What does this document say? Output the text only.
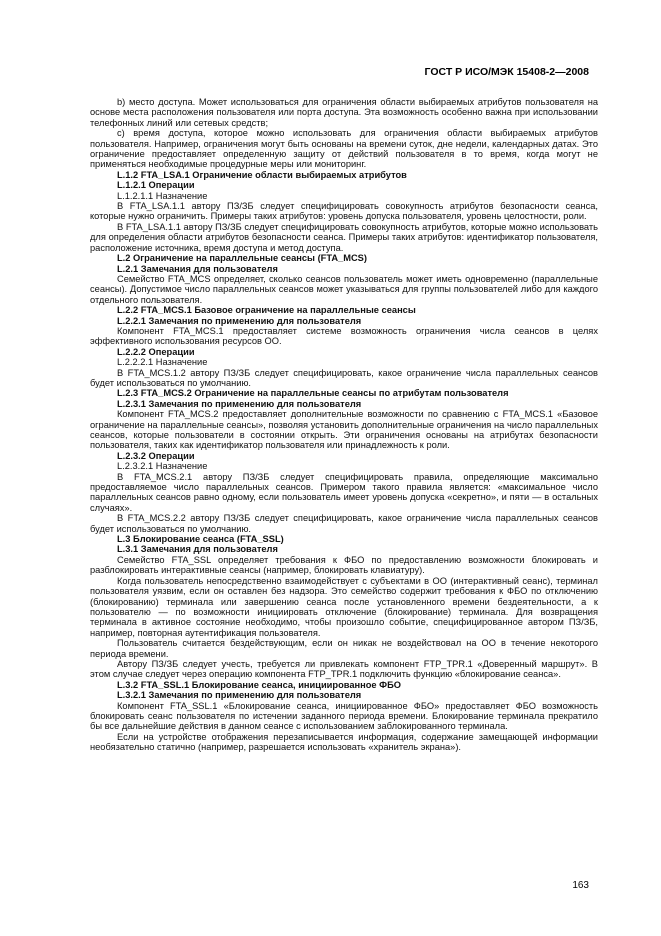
ГОСТ Р ИСО/МЭК 15408-2—2008

b) место доступа. Может использоваться для ограничения области выбираемых атрибутов пользователя на основе места расположения пользователя или порта доступа. Эта возможность особенно важна при использовании телефонных линий или сетевых средств;

c) время доступа, которое можно использовать для ограничения области выбираемых атрибутов пользователя. Например, ограничения могут быть основаны на времени суток, дне недели, календарных датах. Это ограничение предоставляет определенную защиту от действий пользователя в то время, когда могут не применяться необходимые процедурные меры или мониторинг.

L.1.2 FTA_LSA.1 Ограничение области выбираемых атрибутов

L.1.2.1 Операции

L.1.2.1.1 Назначение

В FTA_LSA.1.1 автору ПЗ/ЗБ следует специфицировать совокупность атрибутов безопасности сеанса, которые нужно ограничить. Примеры таких атрибутов: уровень допуска пользователя, уровень целостности, роли.

В FTA_LSA.1.1 автору ПЗ/ЗБ следует специфицировать совокупность атрибутов, которые можно использовать для определения области атрибутов безопасности сеанса. Примеры таких атрибутов: идентификатор пользователя, расположение источника, время доступа и метод доступа.

L.2 Ограничение на параллельные сеансы (FTA_MCS)

L.2.1 Замечания для пользователя

Семейство FTA_MCS определяет, сколько сеансов пользователь может иметь одновременно (параллельные сеансы). Допустимое число параллельных сеансов может указываться для группы пользователей либо для каждого отдельного пользователя.

L.2.2 FTA_MCS.1 Базовое ограничение на параллельные сеансы

L.2.2.1 Замечания по применению для пользователя

Компонент FTA_MCS.1 предоставляет системе возможность ограничения числа сеансов в целях эффективного использования ресурсов ОО.

L.2.2.2 Операции

L.2.2.2.1 Назначение

В FTA_MCS.1.2 автору ПЗ/ЗБ следует специфицировать, какое ограничение числа параллельных сеансов будет использоваться по умолчанию.

L.2.3 FTA_MCS.2 Ограничение на параллельные сеансы по атрибутам пользователя

L.2.3.1 Замечания по применению для пользователя

Компонент FTA_MCS.2 предоставляет дополнительные возможности по сравнению с FTA_MCS.1 «Базовое ограничение на параллельные сеансы», позволяя установить дополнительные ограничения на число параллельных сеансов, которые пользователи в состоянии открыть. Эти ограничения основаны на атрибутах безопасности пользователя, таких как идентификатор пользователя или принадлежность к роли.

L.2.3.2 Операции

L.2.3.2.1 Назначение

В FTA_MCS.2.1 автору ПЗ/ЗБ следует специфицировать правила, определяющие максимально предоставляемое число параллельных сеансов. Примером такого правила является: «максимальное число параллельных сеансов равно одному, если пользователь имеет уровень допуска «секретно», и пяти — в остальных случаях».

В FTA_MCS.2.2 автору ПЗ/ЗБ следует специфицировать, какое ограничение числа параллельных сеансов будет использоваться по умолчанию.

L.3 Блокирование сеанса (FTA_SSL)

L.3.1 Замечания для пользователя

Семейство FTA_SSL определяет требования к ФБО по предоставлению возможности блокировать и разблокировать интерактивные сеансы (например, блокировать клавиатуру).

Когда пользователь непосредственно взаимодействует с субъектами в ОО (интерактивный сеанс), терминал пользователя уязвим, если он оставлен без надзора. Это семейство содержит требования к ФБО по отключению (блокированию) терминала или завершению сеанса после установленного времени бездеятельности, а к пользователю — по возможности инициировать отключение (блокирование) терминала. Для возвращения терминала в активное состояние необходимо, чтобы произошло событие, специфицированное автором ПЗ/ЗБ, например, повторная аутентификация пользователя.

Пользователь считается бездействующим, если он никак не воздействовал на ОО в течение некоторого периода времени.

Автору ПЗ/ЗБ следует учесть, требуется ли привлекать компонент FTP_TPR.1 «Доверенный маршрут». В этом случае следует через операцию компонента FTP_TPR.1 подключить функцию «блокирование сеанса».

L.3.2 FTA_SSL.1 Блокирование сеанса, инициированное ФБО

L.3.2.1 Замечания по применению для пользователя

Компонент FTA_SSL.1 «Блокирование сеанса, инициированное ФБО» предоставляет ФБО возможность блокировать сеанс пользователя по истечении заданного периода времени. Блокирование терминала прекратило бы все дальнейшие действия в данном сеансе с использованием заблокированного терминала.

Если на устройстве отображения перезаписывается информация, содержание замещающей информации необязательно статично (например, разрешается использовать «хранитель экрана»).

163
